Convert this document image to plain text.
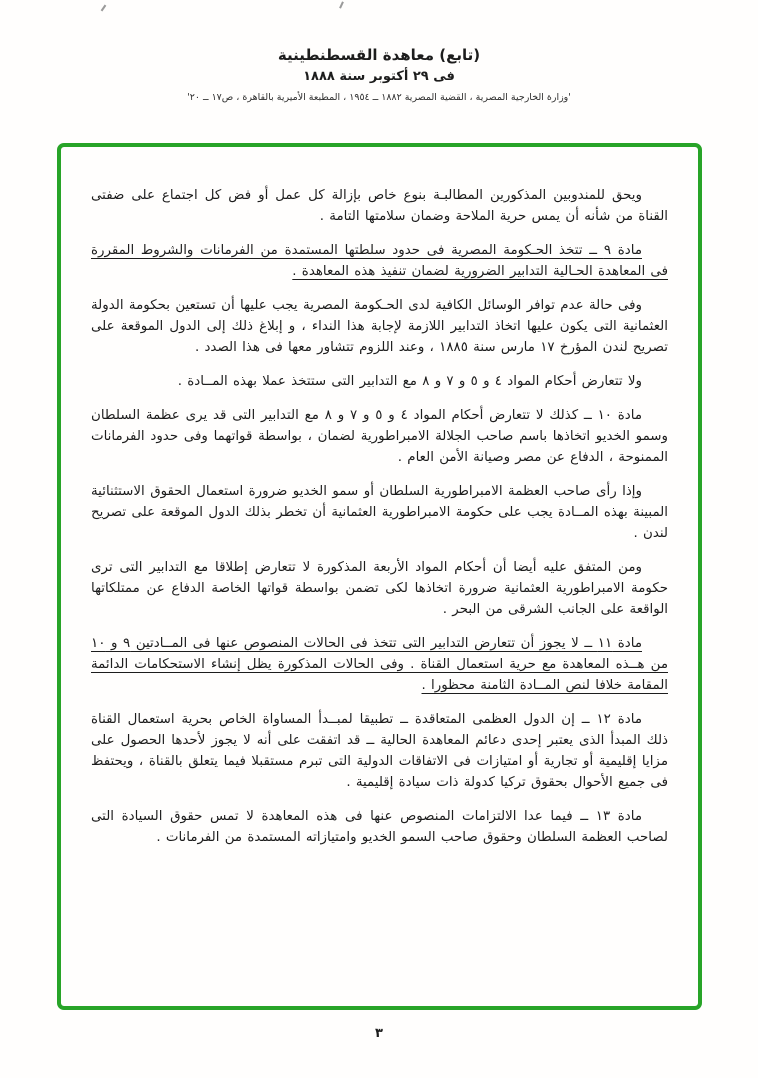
(تابع) معاهدة القسطنطينية
فى ٢٩ أكتوبر سنة ١٨٨٨
'وزارة الخارجية المصرية ، القضية المصرية ١٨٨٢ ــ ١٩٥٤ ، المطبعة الأميرية بالقاهرة ، ص١٧ ــ ٢٠'

ويحق للمندوبين المذكورين المطالبـة بنوع خاص بإزالة كل عمل أو فض كل اجتماع على ضفتى القناة من شأنه أن يمس حرية الملاحة وضمان سلامتها التامة .

مادة ٩ ــ تتخذ الحـكومة المصرية فى حدود سلطتها المستمدة من الفرمانات والشروط المقررة فى المعاهدة الحـالية التدابير الضرورية لضمان تنفيذ هذه المعاهدة .

وفى حالة عدم توافر الوسائل الكافية لدى الحـكومة المصرية يجب عليها أن تستعين بحكومة الدولة العثمانية التى يكون عليها اتخاذ التدابير اللازمة لإجابة هذا النداء ، و إبلاغ ذلك إلى الدول الموقعة على تصريح لندن المؤرخ ١٧ مارس سنة ١٨٨٥ ، وعند اللزوم تتشاور معها فى هذا الصدد .

ولا تتعارض أحكام المواد ٤ و ٥ و ٧ و ٨ مع التدابير التى ستتخذ عملا بهذه المــادة .

مادة ١٠ ــ كذلك لا تتعارض أحكام المواد ٤ و ٥ و ٧ و ٨ مع التدابير التى قد يرى عظمة السلطان وسمو الخديو اتخاذها باسم صاحب الجلالة الامبراطورية لضمان ، بواسطة قواتهما وفى حدود الفرمانات الممنوحة ، الدفاع عن مصر وصيانة الأمن العام .

وإذا رأى صاحب العظمة الامبراطورية السلطان أو سمو الخديو ضرورة استعمال الحقوق الاستثنائية المبينة بهذه المــادة يجب على حكومة الامبراطورية العثمانية أن تخطر بذلك الدول الموقعة على تصريح لندن .

ومن المتفق عليه أيضا أن أحكام المواد الأربعة المذكورة لا تتعارض إطلاقا مع التدابير التى ترى حكومة الامبراطورية العثمانية ضرورة اتخاذها لكى تضمن بواسطة قواتها الخاصة الدفاع عن ممتلكاتها الواقعة على الجانب الشرقى من البحر .

مادة ١١ ــ لا يجوز أن تتعارض التدابير التى تتخذ فى الحالات المنصوص عنها فى المــادتين ٩ و ١٠ من هــذه المعاهدة مع حرية استعمال القناة . وفى الحالات المذكورة يظل إنشاء الاستحكامات الدائمة المقامة خلافا لنص المــادة الثامنة محظورا .

مادة ١٢ ــ إن الدول العظمى المتعاقدة ــ تطبيقا لمبــدأ المساواة الخاص بحرية استعمال القناة ذلك المبدأ الذى يعتبر إحدى دعائم المعاهدة الحالية ــ قد اتفقت على أنه لا يجوز لأحدها الحصول على مزايا إقليمية أو تجارية أو امتيازات فى الاتفاقات الدولية التى تبرم مستقبلا فيما يتعلق بالقناة ، ويحتفظ فى جميع الأحوال بحقوق تركيا كدولة ذات سيادة إقليمية .

مادة ١٣ ــ فيما عدا الالتزامات المنصوص عنها فى هذه المعاهدة لا تمس حقوق السيادة التى لصاحب العظمة السلطان وحقوق صاحب السمو الخديو وامتيازاته المستمدة من الفرمانات .

٣
